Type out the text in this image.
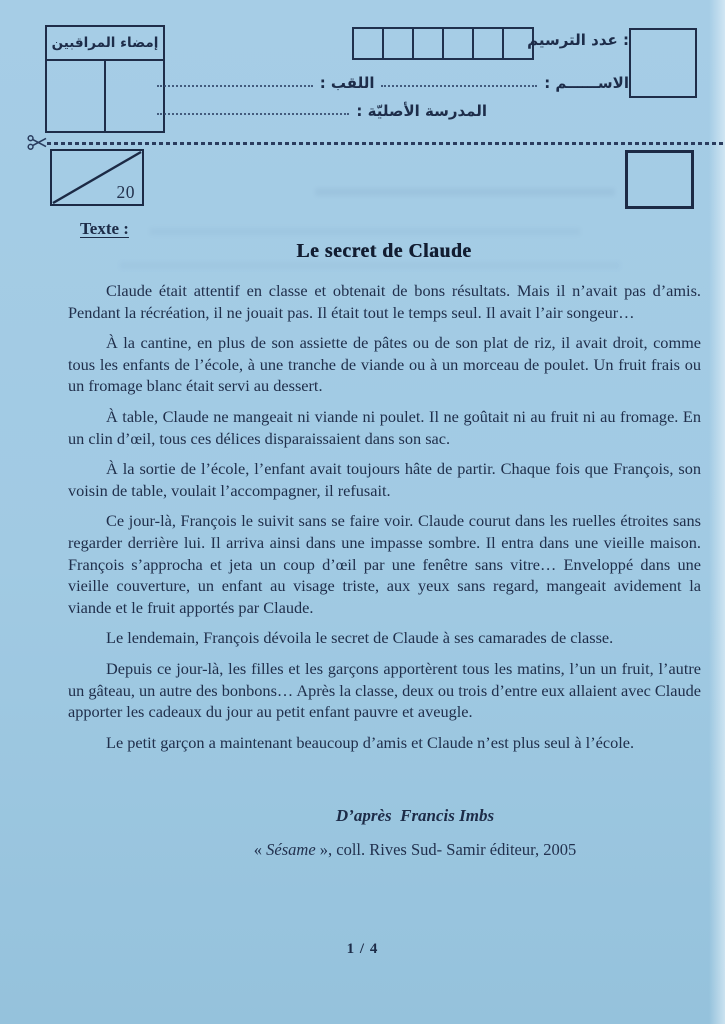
إمضاء المراقبين	عدد الترسيم :
الاســــــم :
اللقب :
المدرسة الأصليّة :
20
Texte :
Le secret de Claude

Claude était attentif en classe et obtenait de bons résultats. Mais il n’avait pas d’amis. Pendant la récréation, il ne jouait pas. Il était tout le temps seul. Il avait l’air songeur…

À la cantine, en plus de son assiette de pâtes ou de son plat de riz, il avait droit, comme tous les enfants de l’école, à une tranche de viande ou à un morceau de poulet. Un fruit frais ou un fromage blanc était servi au dessert.

À table, Claude ne mangeait ni viande ni poulet. Il ne goûtait ni au fruit ni au fromage. En un clin d’œil, tous ces délices disparaissaient dans son sac.

À la sortie de l’école, l’enfant avait toujours hâte de partir. Chaque fois que François, son voisin de table, voulait l’accompagner, il refusait.

Ce jour-là, François le suivit sans se faire voir. Claude courut dans les ruelles étroites sans regarder derrière lui. Il arriva ainsi dans une impasse sombre. Il entra dans une vieille maison. François s’approcha et jeta un coup d’œil par une fenêtre sans vitre… Enveloppé dans une vieille couverture, un enfant au visage triste, aux yeux sans regard, mangeait avidement la viande et le fruit apportés par Claude.

Le lendemain, François dévoila le secret de Claude à ses camarades de classe.

Depuis ce jour-là, les filles et les garçons apportèrent tous les matins, l’un un fruit, l’autre un gâteau, un autre des bonbons… Après la classe, deux ou trois d’entre eux allaient avec Claude apporter les cadeaux du jour au petit enfant pauvre et aveugle.

Le petit garçon a maintenant beaucoup d’amis et Claude n’est plus seul à l’école.

D’après  Francis Imbs
« Sésame », coll. Rives Sud- Samir éditeur, 2005
1 / 4
